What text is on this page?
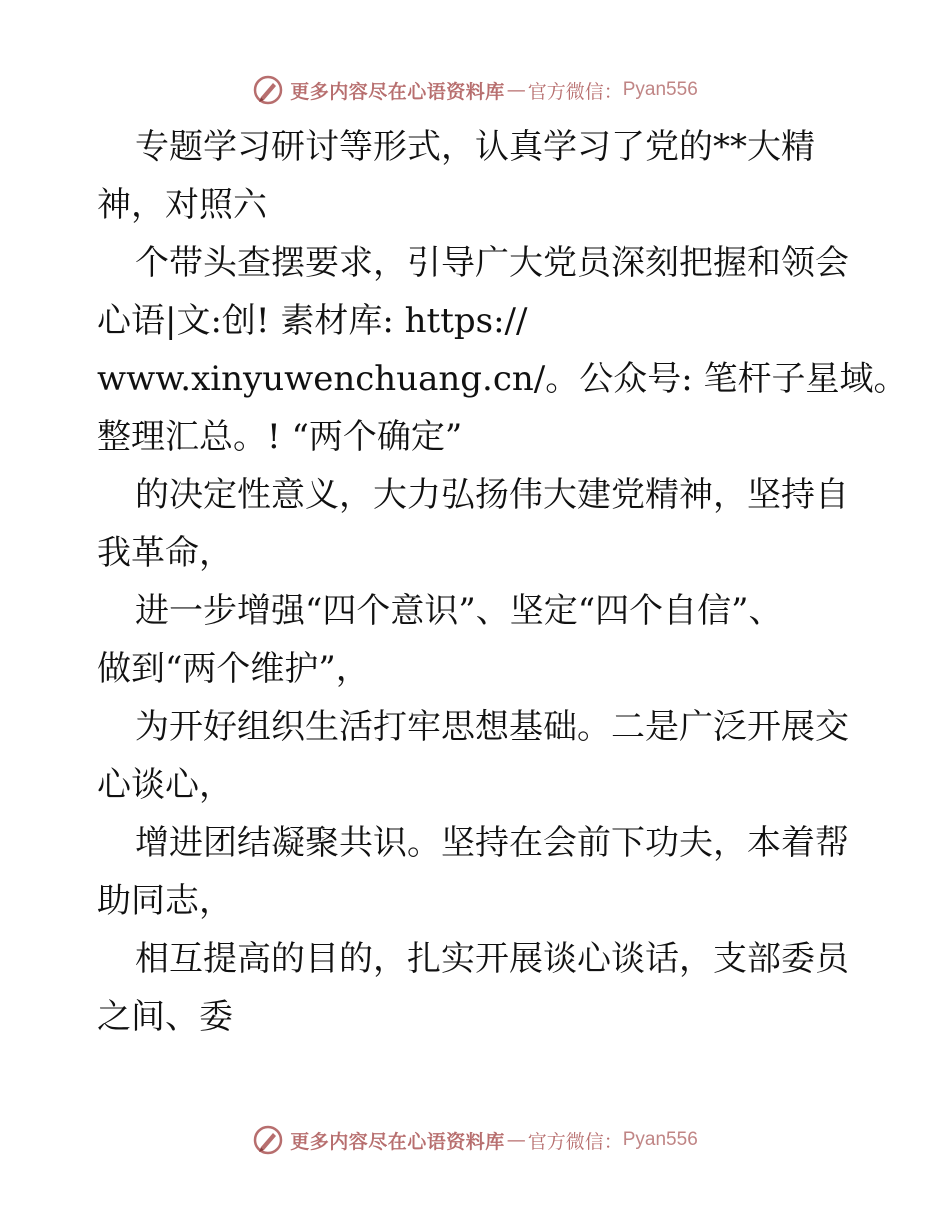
更多内容尽在心语资料库 — 官方微信： Pyan556
专题学习研讨等形式，认真学习了党的**大精
神，对照六
个带头查摆要求，引导广大党员深刻把握和领会
心语|文:创! 素材库: https://
www.xinyuwenchuang.cn/。公众号: 笔杆子星域。
整理汇总。! “两个确定”
的决定性意义，大力弘扬伟大建党精神，坚持自
我革命，
进一步增强“四个意识”、坚定“四个自信”、
做到“两个维护”，
为开好组织生活打牢思想基础。二是广泛开展交
心谈心，
增进团结凝聚共识。坚持在会前下功夫，本着帮
助同志，
相互提高的目的，扎实开展谈心谈话，支部委员
之间、委
更多内容尽在心语资料库 — 官方微信： Pyan556
